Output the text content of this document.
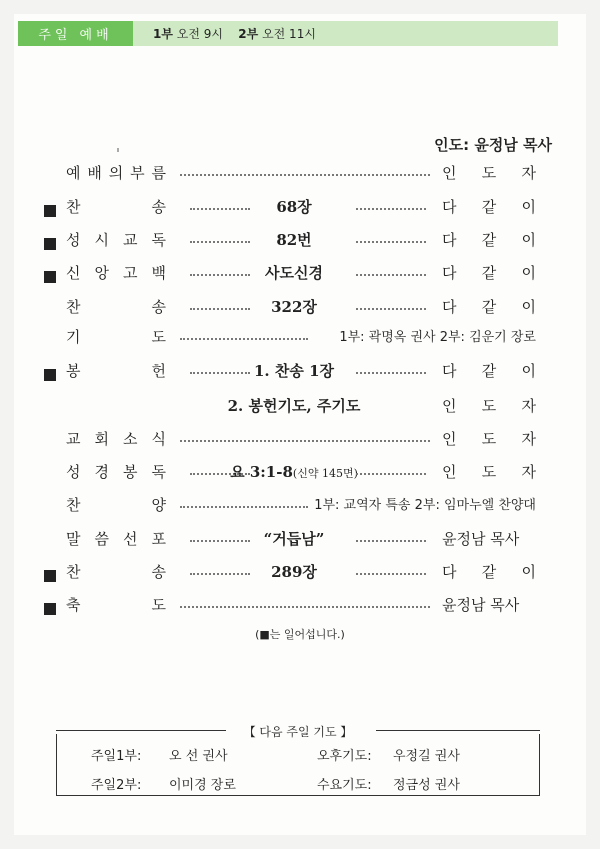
주일 예배	1부 오전 9시 2부 오전 11시
인도: 윤정남 목사
예 배 의 부 름	인 도 자
찬	송	68장	다 같 이
성 시 교 독	82번	다 같 이
신 앙 고 백	사도신경	다 같 이
찬	송	322장	다 같 이
기	도	1부: 곽명옥 권사 2부: 김운기 장로
봉	헌	1. 찬송 1장	다 같 이
2. 봉헌기도, 주기도	인 도 자
교 회 소 식	인 도 자
성 경 봉 독	요 3:1-8(신약 145면)	인 도 자
찬	양	1부: 교역자 특송 2부: 임마누엘 찬양대
말 씀 선 포	“거듭남”	윤정남 목사
찬	송	289장	다 같 이
축	도	윤정남 목사
(■는 일어섭니다.)
【 다음 주일 기도 】
주일1부: 오 선 권사	오후기도: 우정길 권사
주일2부: 이미경 장로	수요기도: 정금성 권사
